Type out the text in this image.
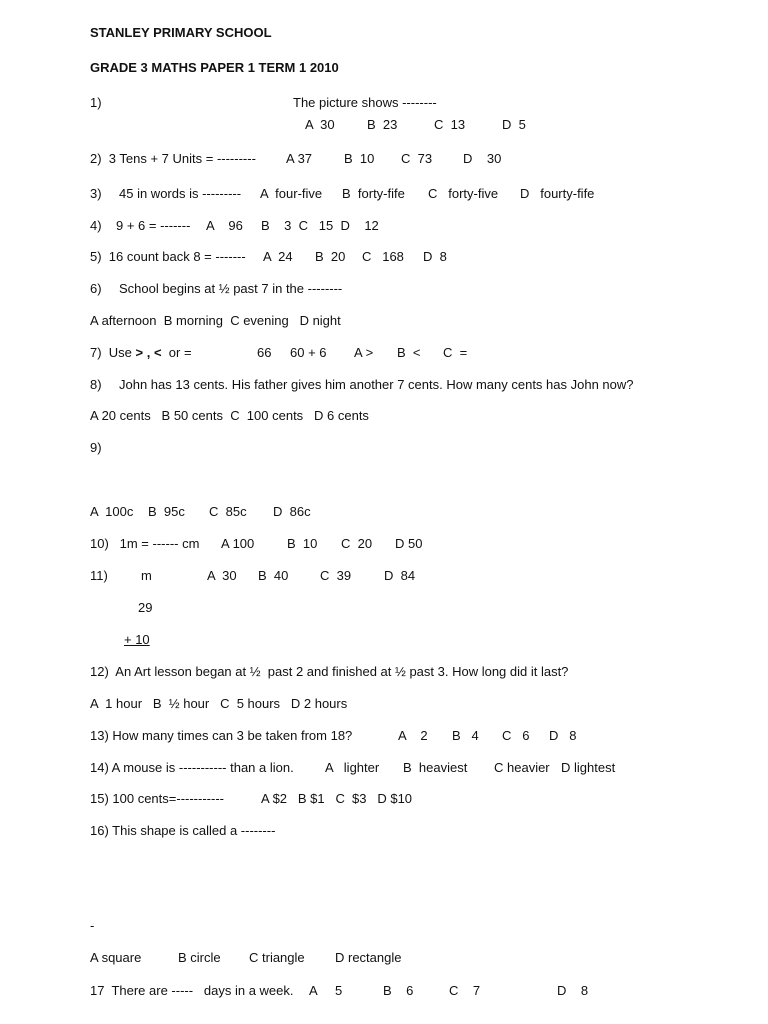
STANLEY PRIMARY SCHOOL
GRADE 3 MATHS PAPER 1 TERM 1 2010
1)	The picture shows --------
A  30 B  23	C  13	D  5
2)  3 Tens + 7 Units = --------- A 37 B  10 C  73 D    30
3) 45 in words is --------- A  four-five B  forty-fife C   forty-five D   fourty-fife
4) 9 + 6 = ------- A    96 B    3  C   15  D    12
5)  16 count back 8 = ------- A  24 B  20 C   168 D  8
6) School begins at ½ past 7 in the --------
A afternoon  B morning  C evening   D night
7)  Use > , <  or =	66 60 + 6 A > B  < C  =
8) John has 13 cents. His father gives him another 7 cents. How many cents has John now?
A 20 cents   B 50 cents  C  100 cents   D 6 cents
9)
A  100c B  95c C  85c D  86c
10)   1m = ------ cm A 100	B  10 C  20 D 50
11)	m	A  30 B  40 C  39	D  84
29
+ 10
12)  An Art lesson began at ½  past 2 and finished at ½ past 3. How long did it last?
A  1 hour   B  ½ hour   C  5 hours   D 2 hours
13) How many times can 3 be taken from 18?	A    2 B   4 C   6 D   8
14) A mouse is ----------- than a lion. A   lighter B  heaviest C heavier D lightest
15) 100 cents=-----------	A $2   B $1   C  $3   D $10
16) This shape is called a --------
-
A square	B circle C triangle D rectangle
17  There are -----   days in a week. A     5	B    6	C    7	D    8
